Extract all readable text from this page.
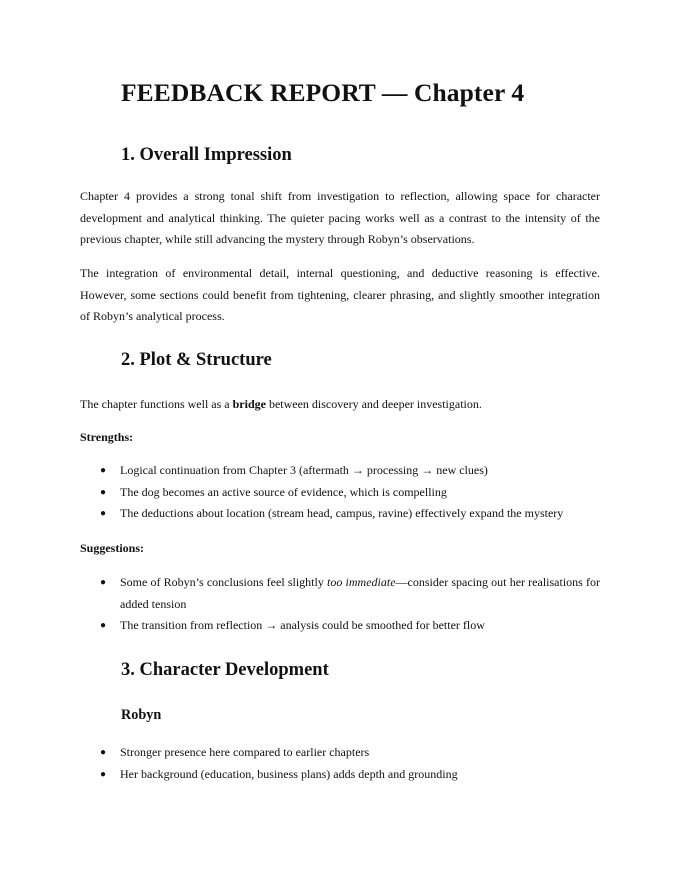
FEEDBACK REPORT — Chapter 4
1. Overall Impression

Chapter 4 provides a strong tonal shift from investigation to reflection, allowing space for character development and analytical thinking. The quieter pacing works well as a contrast to the intensity of the previous chapter, while still advancing the mystery through Robyn’s observations.

The integration of environmental detail, internal questioning, and deductive reasoning is effective. However, some sections could benefit from tightening, clearer phrasing, and slightly smoother integration of Robyn’s analytical process.

2. Plot & Structure

The chapter functions well as a bridge between discovery and deeper investigation.

Strengths:

● Logical continuation from Chapter 3 (aftermath → processing → new clues)
● The dog becomes an active source of evidence, which is compelling
● The deductions about location (stream head, campus, ravine) effectively expand the mystery

Suggestions:

● Some of Robyn’s conclusions feel slightly too immediate—consider spacing out her realisations for added tension
● The transition from reflection → analysis could be smoothed for better flow
3. Character Development
Robyn
● Stronger presence here compared to earlier chapters
● Her background (education, business plans) adds depth and grounding
